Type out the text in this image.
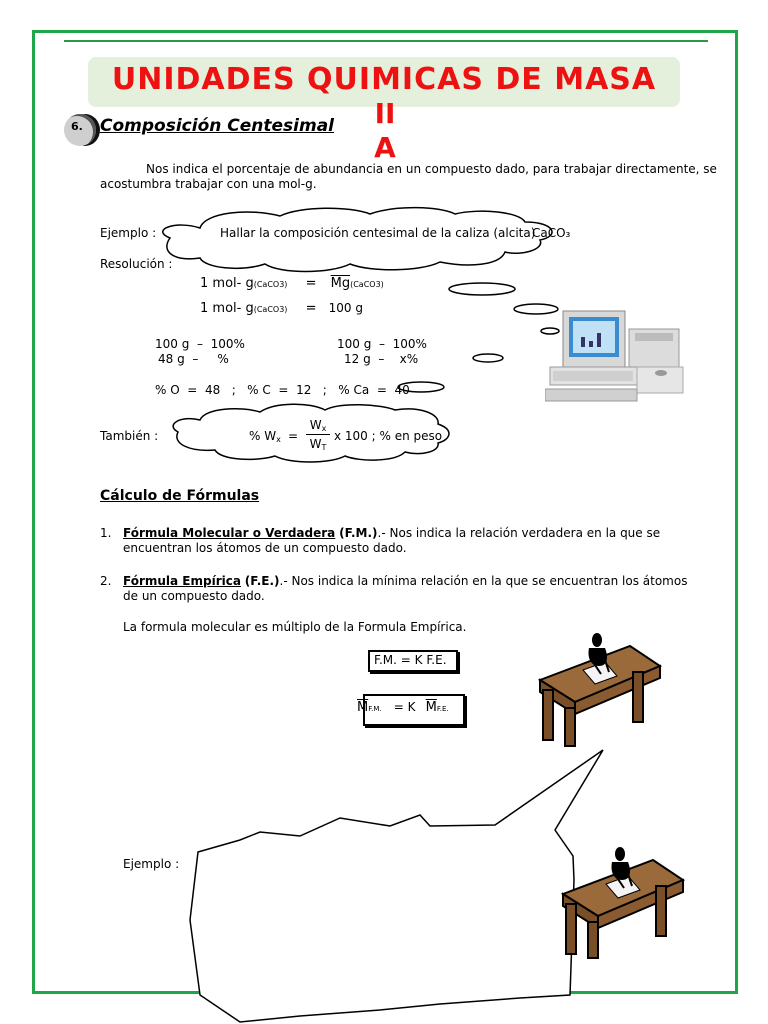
UNIDADES QUIMICAS DE MASA
II
A
6.	Composición Centesimal
Nos indica el porcentaje de abundancia en un compuesto dado, para trabajar directamente, se
acostumbra trabajar con una mol-g.
Ejemplo :	Hallar la composición centesimal de la caliza (alcita)
CaCO₃
Resolución :
1 mol- g(CaCO3) = $\overline{Mg}(CaCO3)$
1 mol- g(CaCO3) = 100 g
100 g  –  100%
48 g  –     %
100 g  –  100%
12 g  –    x%
% O  =  48   ;   % C  =  12   ;   % Ca  =  40
También :	% Wx =
Wx
WT
x 100 ; % en peso
Cálculo de Fórmulas
1. Fórmula Molecular o Verdadera (F.M.).- Nos indica la relación verdadera en la que se
encuentran los átomos de un compuesto dado.
2. Fórmula Empírica (F.E.).- Nos indica la mínima relación en la que se encuentran los átomos
de un compuesto dado.
La formula molecular es múltiplo de la Formula Empírica.
F.M. = K F.E.
$\overline{M}F.M$. = K $\overline{M}F.E$.
Ejemplo :
